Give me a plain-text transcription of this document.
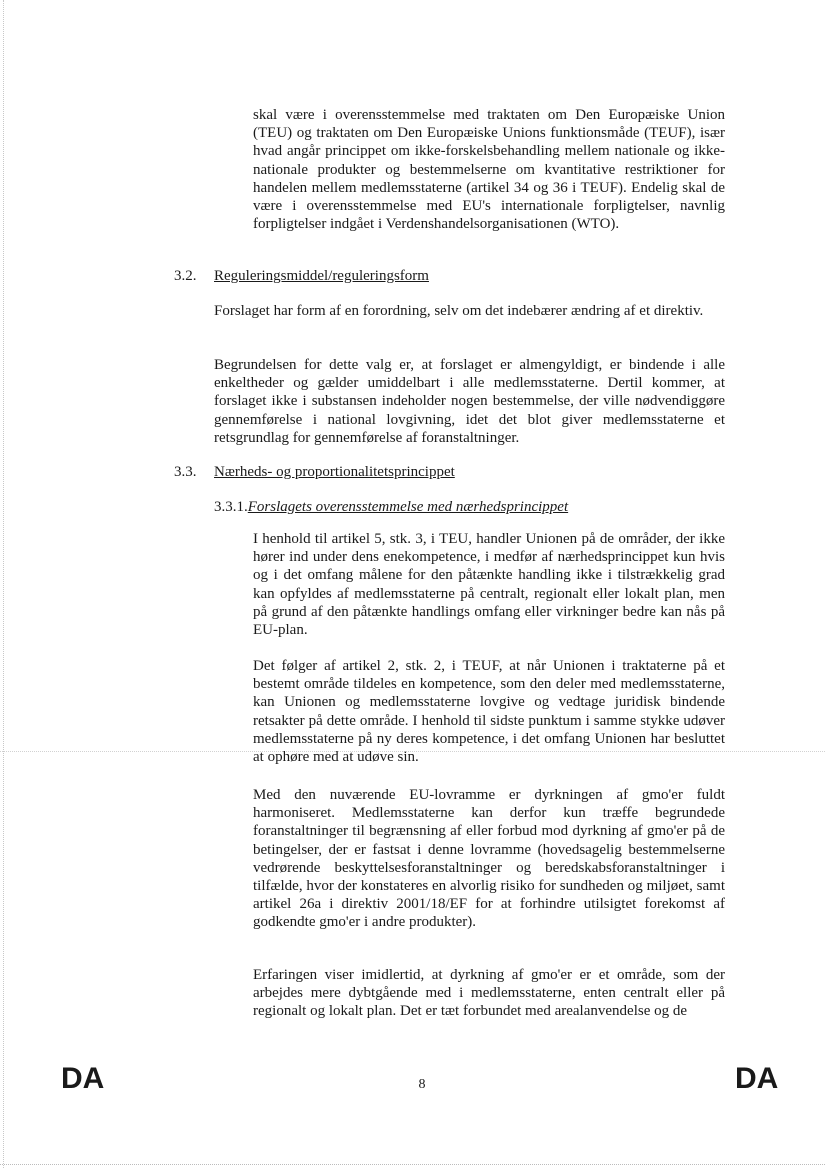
skal være i overensstemmelse med traktaten om Den Europæiske Union (TEU) og traktaten om Den Europæiske Unions funktionsmåde (TEUF), især hvad angår princippet om ikke-forskelsbehandling mellem nationale og ikke-nationale produkter og bestemmelserne om kvantitative restriktioner for handelen mellem medlemsstaterne (artikel 34 og 36 i TEUF). Endelig skal de være i overensstemmelse med EU's internationale forpligtelser, navnlig forpligtelser indgået i Verdenshandelsorganisationen (WTO).

3.2. Reguleringsmiddel/reguleringsform

Forslaget har form af en forordning, selv om det indebærer ændring af et direktiv.

Begrundelsen for dette valg er, at forslaget er almengyldigt, er bindende i alle enkeltheder og gælder umiddelbart i alle medlemsstaterne. Dertil kommer, at forslaget ikke i substansen indeholder nogen bestemmelse, der ville nødvendiggøre gennemførelse i national lovgivning, idet det blot giver medlemsstaterne et retsgrundlag for gennemførelse af foranstaltninger.

3.3. Nærheds- og proportionalitetsprincippet
3.3.1.Forslagets overensstemmelse med nærhedsprincippet

I henhold til artikel 5, stk. 3, i TEU, handler Unionen på de områder, der ikke hører ind under dens enekompetence, i medfør af nærhedsprincippet kun hvis og i det omfang målene for den påtænkte handling ikke i tilstrækkelig grad kan opfyldes af medlemsstaterne på centralt, regionalt eller lokalt plan, men på grund af den påtænkte handlings omfang eller virkninger bedre kan nås på EU-plan.

Det følger af artikel 2, stk. 2, i TEUF, at når Unionen i traktaterne på et bestemt område tildeles en kompetence, som den deler med medlemsstaterne, kan Unionen og medlemsstaterne lovgive og vedtage juridisk bindende retsakter på dette område. I henhold til sidste punktum i samme stykke udøver medlemsstaterne på ny deres kompetence, i det omfang Unionen har besluttet at ophøre med at udøve sin.

Med den nuværende EU-lovramme er dyrkningen af gmo'er fuldt harmoniseret. Medlemsstaterne kan derfor kun træffe begrundede foranstaltninger til begrænsning af eller forbud mod dyrkning af gmo'er på de betingelser, der er fastsat i denne lovramme (hovedsagelig bestemmelserne vedrørende beskyttelsesforanstaltninger og beredskabsforanstaltninger i tilfælde, hvor der konstateres en alvorlig risiko for sundheden og miljøet, samt artikel 26a i direktiv 2001/18/EF for at forhindre utilsigtet forekomst af godkendte gmo'er i andre produkter).

Erfaringen viser imidlertid, at dyrkning af gmo'er er et område, som der arbejdes mere dybtgående med i medlemsstaterne, enten centralt eller på regionalt og lokalt plan. Det er tæt forbundet med arealanvendelse og de

DA	8	DA
